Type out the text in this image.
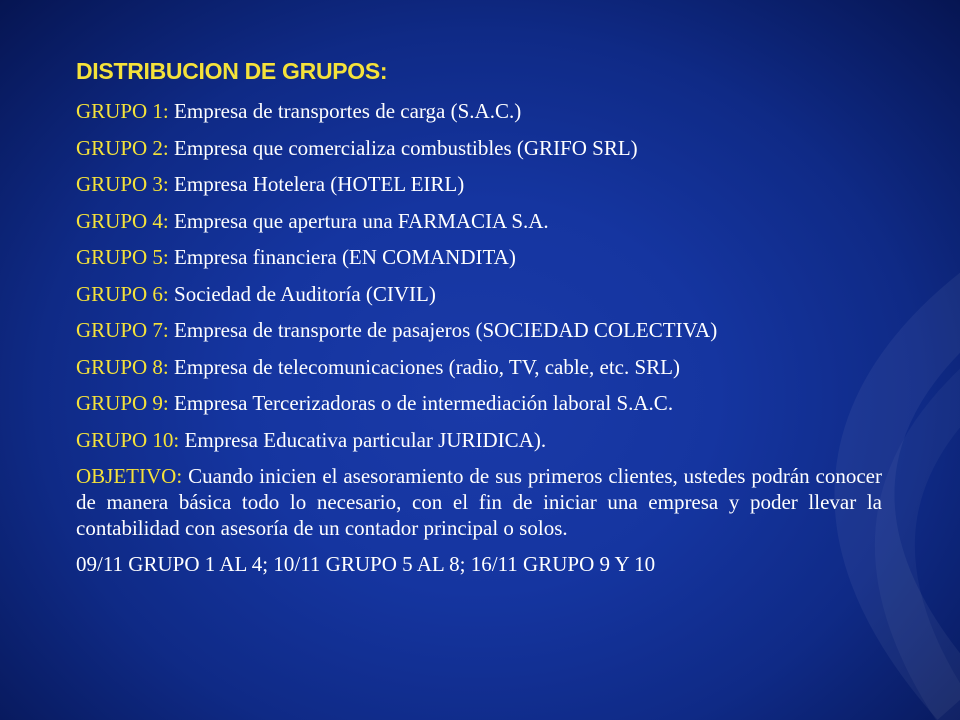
DISTRIBUCION DE GRUPOS:
GRUPO 1: Empresa de transportes de carga (S.A.C.)
GRUPO 2: Empresa que comercializa combustibles (GRIFO SRL)
GRUPO 3: Empresa Hotelera (HOTEL EIRL)
GRUPO 4: Empresa que apertura una FARMACIA S.A.
GRUPO 5: Empresa financiera (EN COMANDITA)
GRUPO 6: Sociedad de Auditoría (CIVIL)
GRUPO 7: Empresa de transporte de pasajeros (SOCIEDAD COLECTIVA)
GRUPO 8: Empresa de telecomunicaciones (radio, TV, cable, etc. SRL)
GRUPO 9: Empresa Tercerizadoras o de intermediación laboral S.A.C.
GRUPO 10: Empresa Educativa particular JURIDICA).
OBJETIVO: Cuando inicien el asesoramiento de sus primeros clientes, ustedes podrán conocer de manera básica todo lo necesario, con el fin de iniciar una empresa y poder llevar la contabilidad con asesoría de un contador principal o solos.
09/11 GRUPO 1 AL 4; 10/11 GRUPO 5 AL 8; 16/11 GRUPO 9 Y 10
